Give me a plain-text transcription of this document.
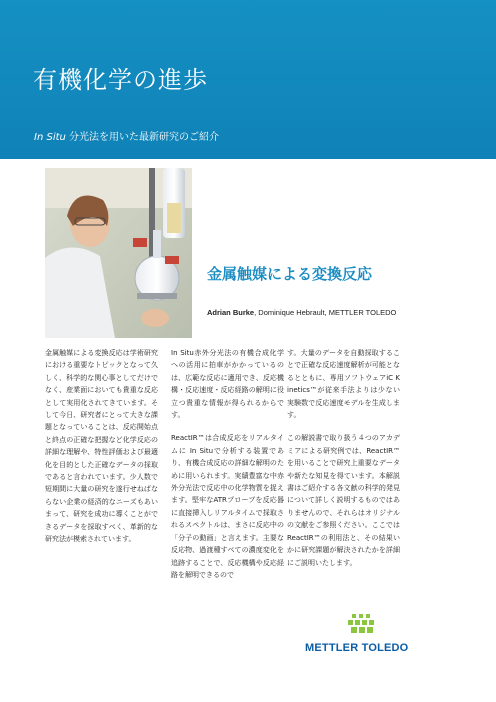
有機化学の進歩
In Situ 分光法を用いた最新研究のご紹介
金属触媒による変換反応
Adrian Burke, Dominique Hebrault, METTLER TOLEDO

金属触媒による変換反応は学術研究における重要なトピックとなって久しく、科学的な関心事としてだけでなく、産業面においても貴重な反応として実用化されてきています。そして今日、研究者にとって大きな課題となっていることは、反応開始点と終点の正確な把握など化学反応の詳細な理解や、特性評価および最適化を目的とした正確なデータの採取であると言われています。少人数で短期間に大量の研究を遂行せねばならない企業の経済的なニーズもあいまって、研究を成功に導くことができるデータを採取すべく、革新的な研究法が模索されています。

In Situ赤外分光法の有機合成化学への活用に拍車がかかっているのは、広範な反応に適用でき、反応機構・反応速度・反応経路の解明に役立つ貴重な情報が得られるからです。

ReactIR™は合成反応をリアルタイムに In Situで分析する装置であり、有機合成反応の詳細な解明のために用いられます。実績豊富な中赤外分光法で反応中の化学物質を捉えます。堅牢なATRプローブを反応器に直接挿入しリアルタイムで採取されるスペクトルは、まさに反応中の「分子の動画」と言えます。主要な反応物、過渡種すべての濃度変化を追跡することで、反応機構や反応経路を解明できるので

す。大量のデータを自動採取することで正確な反応速度解析が可能となるとともに、専用ソフトウェアiC Kinetics™が従来手法よりは少ない実験数で反応速度モデルを生成します。

この解説書で取り扱う４つのアカデミアによる研究例では、ReactIR™を用いることで研究上重要なデータや新たな知見を得ています。本解説書はご紹介する各文献の科学的発見について詳しく説明するものではありませんので、それらはオリジナルの文献をご参照ください。ここではReactIR™の利用法と、その結果いかに研究課題が解決されたかを詳細にご説明いたします。

METTLER TOLEDO
